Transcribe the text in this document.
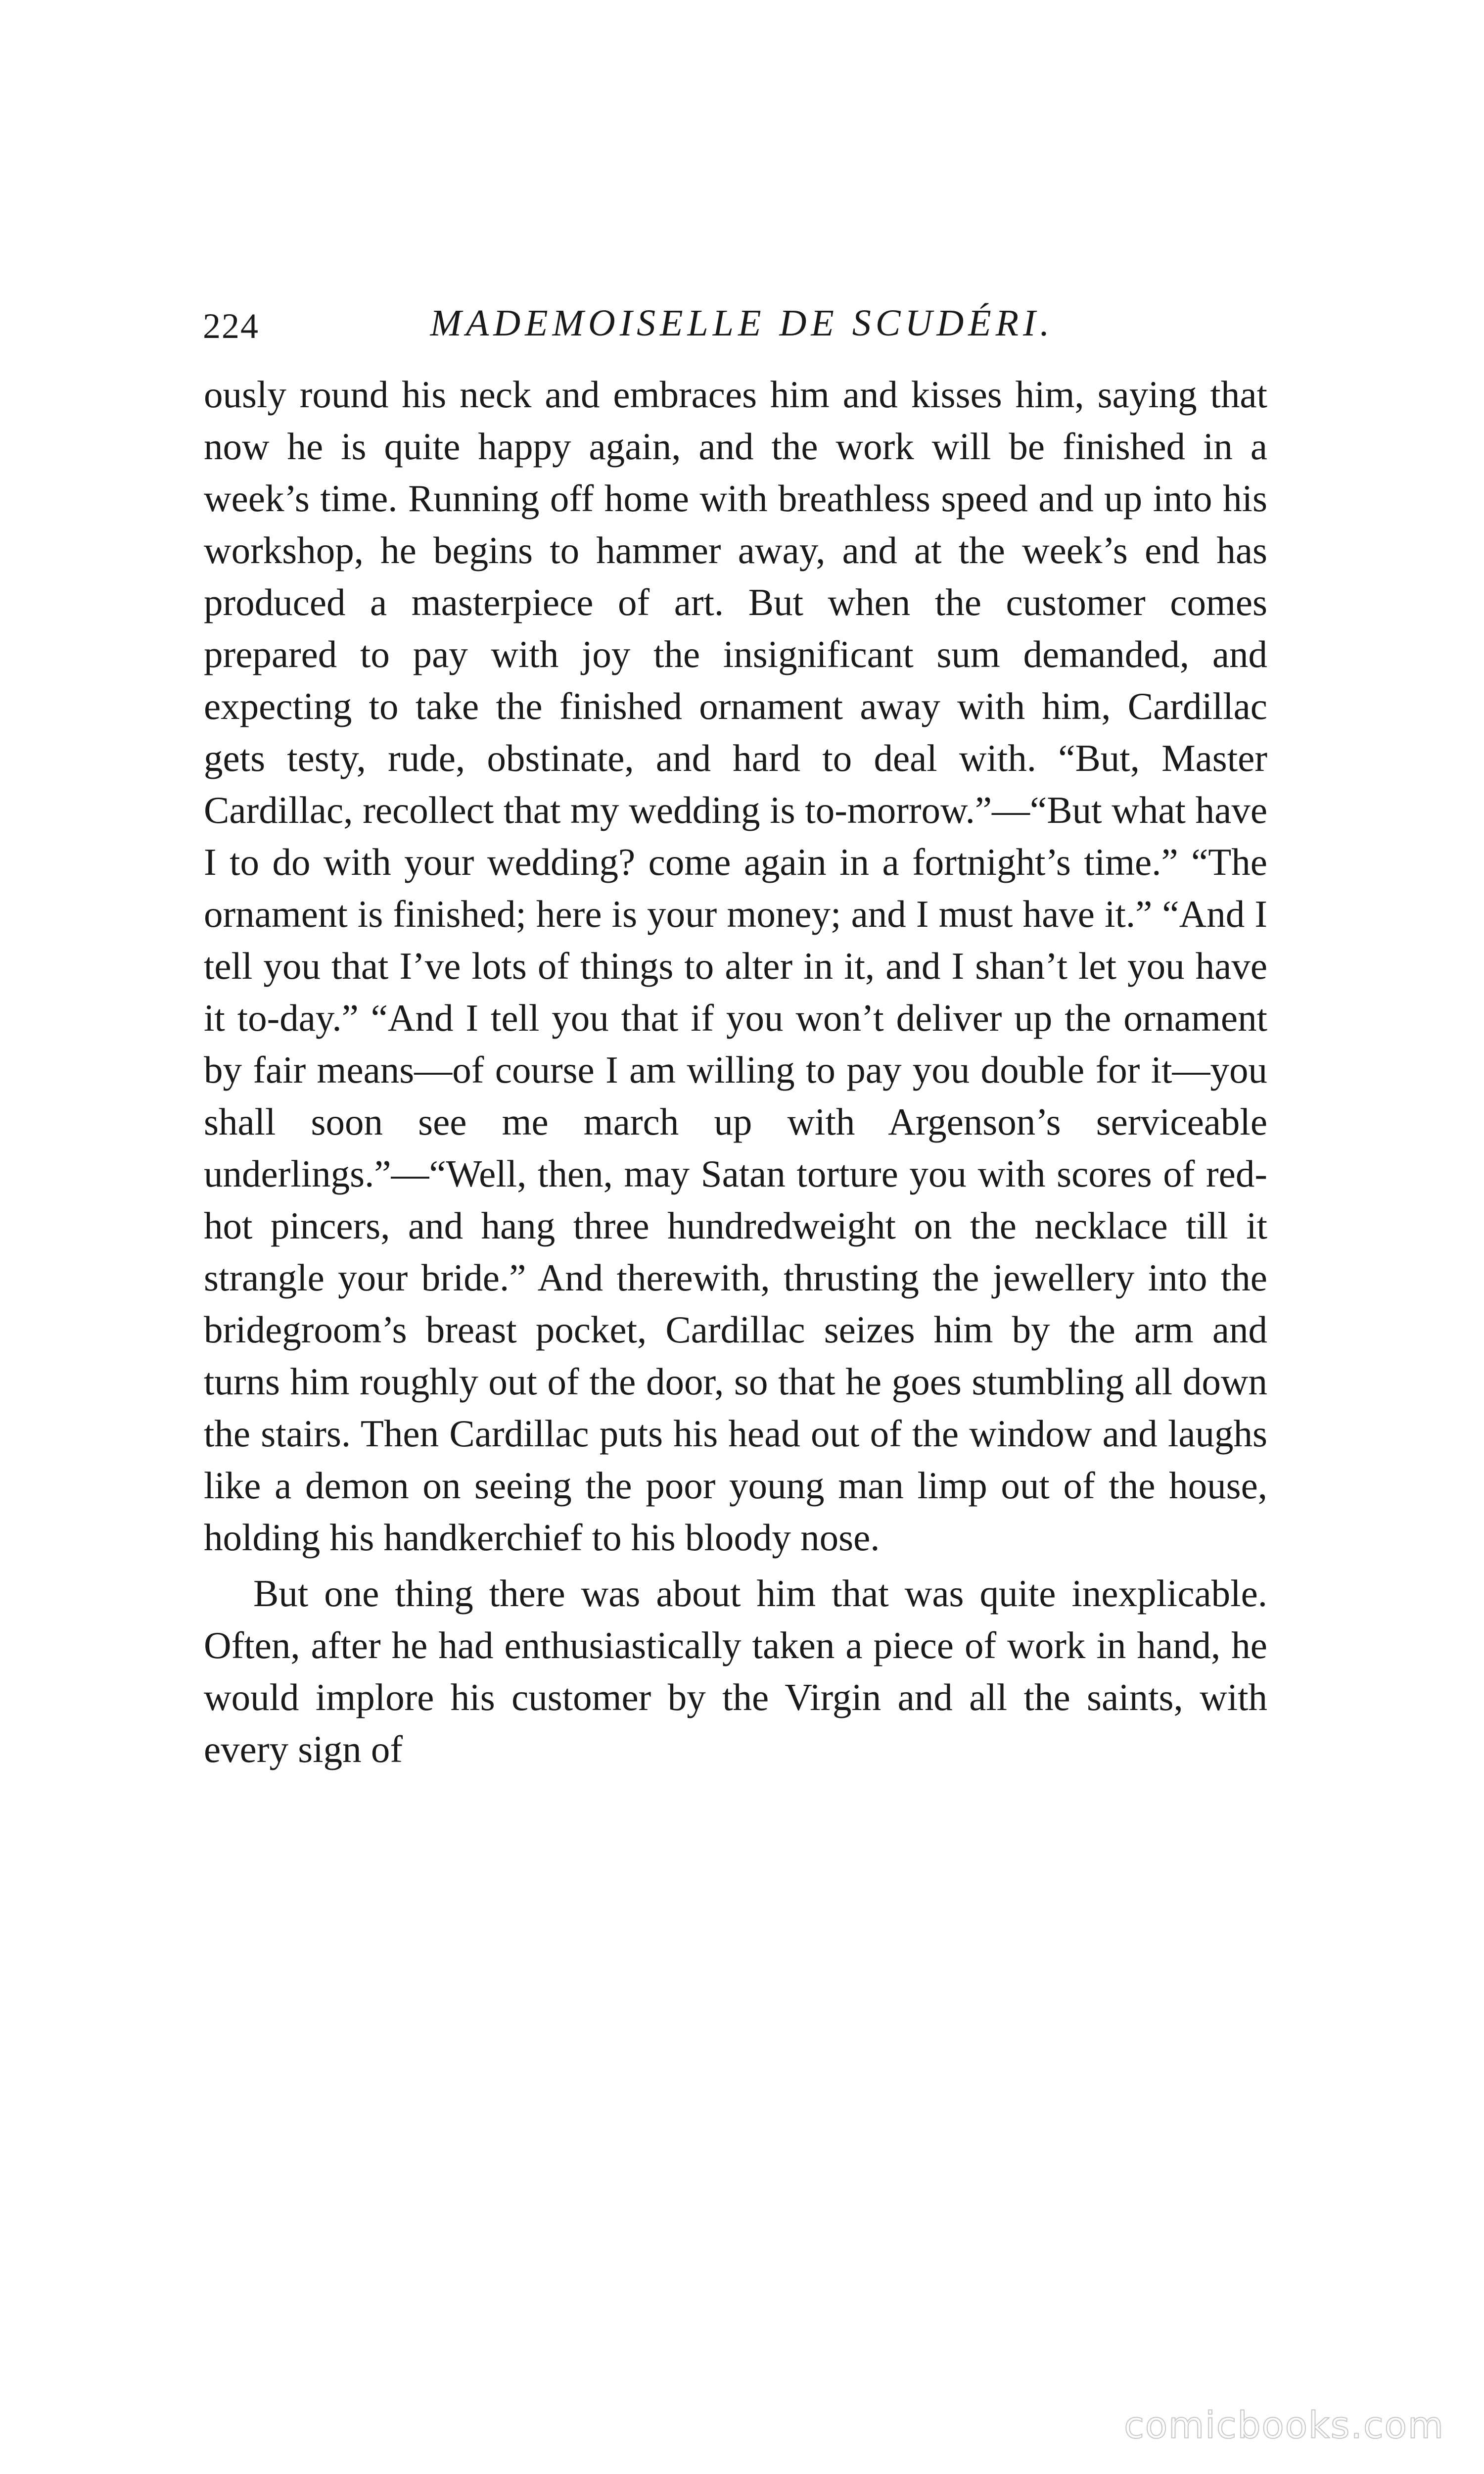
224	MADEMOISELLE DE SCUDÉRI.

ously round his neck and embraces him and kisses him, saying that now he is quite happy again, and the work will be finished in a week’s time. Running off home with breathless speed and up into his workshop, he begins to hammer away, and at the week’s end has produced a masterpiece of art. But when the customer comes prepared to pay with joy the insignificant sum demanded, and expecting to take the finished ornament away with him, Cardillac gets testy, rude, obstinate, and hard to deal with. “But, Master Cardillac, recollect that my wedding is to-morrow.”—“But what have I to do with your wedding? come again in a fortnight’s time.” “The ornament is finished; here is your money; and I must have it.” “And I tell you that I’ve lots of things to alter in it, and I shan’t let you have it to-day.” “And I tell you that if you won’t deliver up the ornament by fair means—of course I am willing to pay you double for it—you shall soon see me march up with Argenson’s serviceable underlings.”—“Well, then, may Satan torture you with scores of red-hot pincers, and hang three hundredweight on the necklace till it strangle your bride.” And therewith, thrusting the jewellery into the bridegroom’s breast pocket, Cardillac seizes him by the arm and turns him roughly out of the door, so that he goes stumbling all down the stairs. Then Cardillac puts his head out of the window and laughs like a demon on seeing the poor young man limp out of the house, holding his handkerchief to his bloody nose.

But one thing there was about him that was quite inexplicable. Often, after he had enthusiastically taken a piece of work in hand, he would implore his customer by the Virgin and all the saints, with every sign of

comicbooks.com
